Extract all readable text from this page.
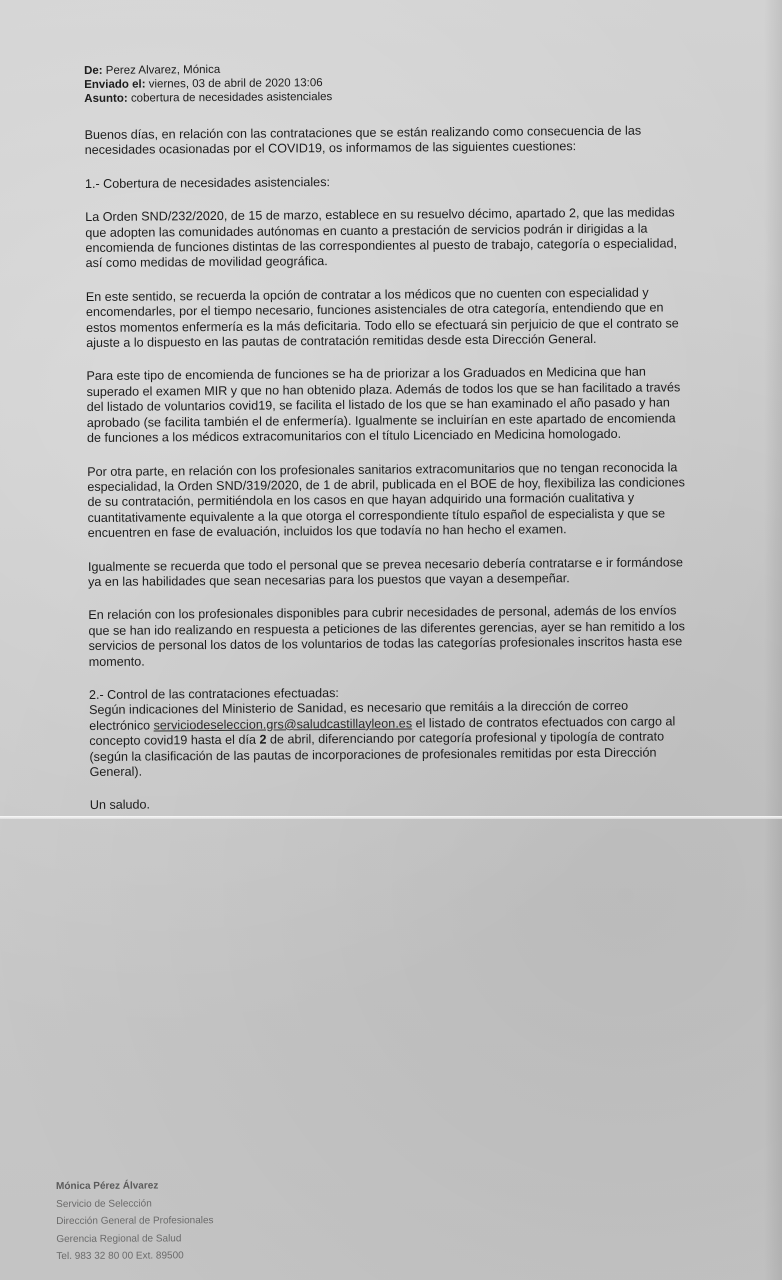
De: Perez Alvarez, Mónica
Enviado el: viernes, 03 de abril de 2020 13:06
Asunto: cobertura de necesidades asistenciales

Buenos días, en relación con las contrataciones que se están realizando como consecuencia de las necesidades ocasionadas por el COVID19, os informamos de las siguientes cuestiones:

1.- Cobertura de necesidades asistenciales:

La Orden SND/232/2020, de 15 de marzo, establece en su resuelvo décimo, apartado 2, que las medidas que adopten las comunidades autónomas en cuanto a prestación de servicios podrán ir dirigidas a la encomienda de funciones distintas de las correspondientes al puesto de trabajo, categoría o especialidad, así como medidas de movilidad geográfica.

En este sentido, se recuerda la opción de contratar a los médicos que no cuenten con especialidad y encomendarles, por el tiempo necesario, funciones asistenciales de otra categoría, entendiendo que en estos momentos enfermería es la más deficitaria. Todo ello se efectuará sin perjuicio de que el contrato se ajuste a lo dispuesto en las pautas de contratación remitidas desde esta Dirección General.

Para este tipo de encomienda de funciones se ha de priorizar a los Graduados en Medicina que han superado el examen MIR y que no han obtenido plaza. Además de todos los que se han facilitado a través del listado de voluntarios covid19, se facilita el listado de los que se han examinado el año pasado y han aprobado (se facilita también el de enfermería). Igualmente se incluirían en este apartado de encomienda de funciones a los médicos extracomunitarios con el título Licenciado en Medicina homologado.

Por otra parte, en relación con los profesionales sanitarios extracomunitarios que no tengan reconocida la especialidad, la Orden SND/319/2020, de 1 de abril, publicada en el BOE de hoy, flexibiliza las condiciones de su contratación, permitiéndola en los casos en que hayan adquirido una formación cualitativa y cuantitativamente equivalente a la que otorga el correspondiente título español de especialista y que se encuentren en fase de evaluación, incluidos los que todavía no han hecho el examen.

Igualmente se recuerda que todo el personal que se prevea necesario debería contratarse e ir formándose ya en las habilidades que sean necesarias para los puestos que vayan a desempeñar.

En relación con los profesionales disponibles para cubrir necesidades de personal, además de los envíos que se han ido realizando en respuesta a peticiones de las diferentes gerencias, ayer se han remitido a los servicios de personal los datos de los voluntarios de todas las categorías profesionales inscritos hasta ese momento.

2.- Control de las contrataciones efectuadas:

Según indicaciones del Ministerio de Sanidad, es necesario que remitáis a la dirección de correo electrónico serviciodeseleccion.grs@saludcastillayleon.es el listado de contratos efectuados con cargo al concepto covid19 hasta el día 2 de abril, diferenciando por categoría profesional y tipología de contrato (según la clasificación de las pautas de incorporaciones de profesionales remitidas por esta Dirección General).

Un saludo.
Mónica Pérez Álvarez
Servicio de Selección
Dirección General de Profesionales
Gerencia Regional de Salud
Tel. 983 32 80 00 Ext. 89500
